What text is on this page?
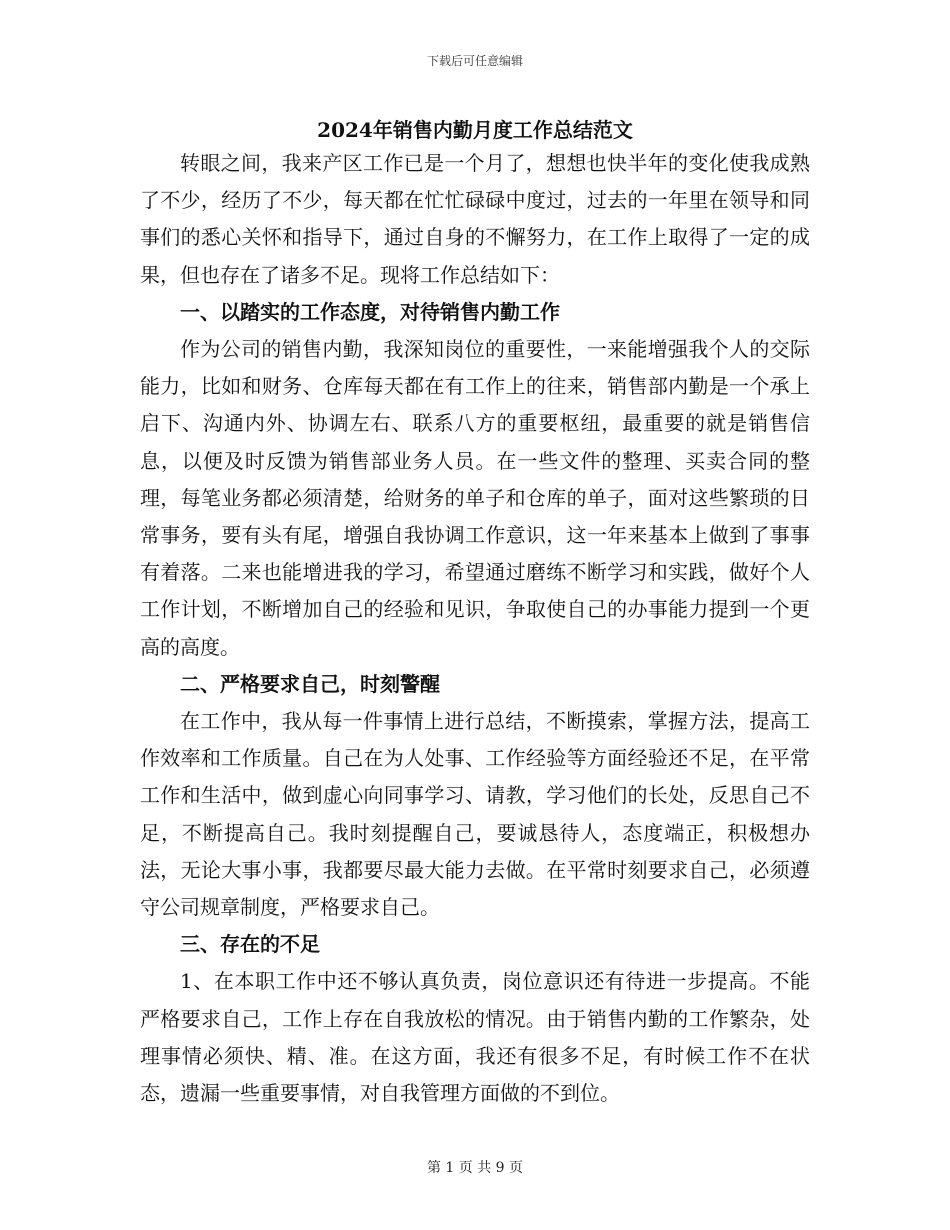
下载后可任意编辑
2024年销售内勤月度工作总结范文

转眼之间，我来产区工作已是一个月了，想想也快半年的变化使我成熟了不少，经历了不少，每天都在忙忙碌碌中度过，过去的一年里在领导和同事们的悉心关怀和指导下，通过自身的不懈努力，在工作上取得了一定的成果，但也存在了诸多不足。现将工作总结如下：

一、以踏实的工作态度，对待销售内勤工作

作为公司的销售内勤，我深知岗位的重要性，一来能增强我个人的交际能力，比如和财务、仓库每天都在有工作上的往来，销售部内勤是一个承上启下、沟通内外、协调左右、联系八方的重要枢纽，最重要的就是销售信息，以便及时反馈为销售部业务人员。在一些文件的整理、买卖合同的整理，每笔业务都必须清楚，给财务的单子和仓库的单子，面对这些繁琐的日常事务，要有头有尾，增强自我协调工作意识，这一年来基本上做到了事事有着落。二来也能增进我的学习，希望通过磨练不断学习和实践，做好个人工作计划，不断增加自己的经验和见识，争取使自己的办事能力提到一个更高的高度。

二、严格要求自己，时刻警醒

在工作中，我从每一件事情上进行总结，不断摸索，掌握方法，提高工作效率和工作质量。自己在为人处事、工作经验等方面经验还不足，在平常工作和生活中，做到虚心向同事学习、请教，学习他们的长处，反思自己不足，不断提高自己。我时刻提醒自己，要诚恳待人，态度端正，积极想办法，无论大事小事，我都要尽最大能力去做。在平常时刻要求自己，必须遵守公司规章制度，严格要求自己。

三、存在的不足

1、在本职工作中还不够认真负责，岗位意识还有待进一步提高。不能严格要求自己，工作上存在自我放松的情况。由于销售内勤的工作繁杂，处理事情必须快、精、准。在这方面，我还有很多不足，有时候工作不在状态，遗漏一些重要事情，对自我管理方面做的不到位。

第 1 页 共 9 页
